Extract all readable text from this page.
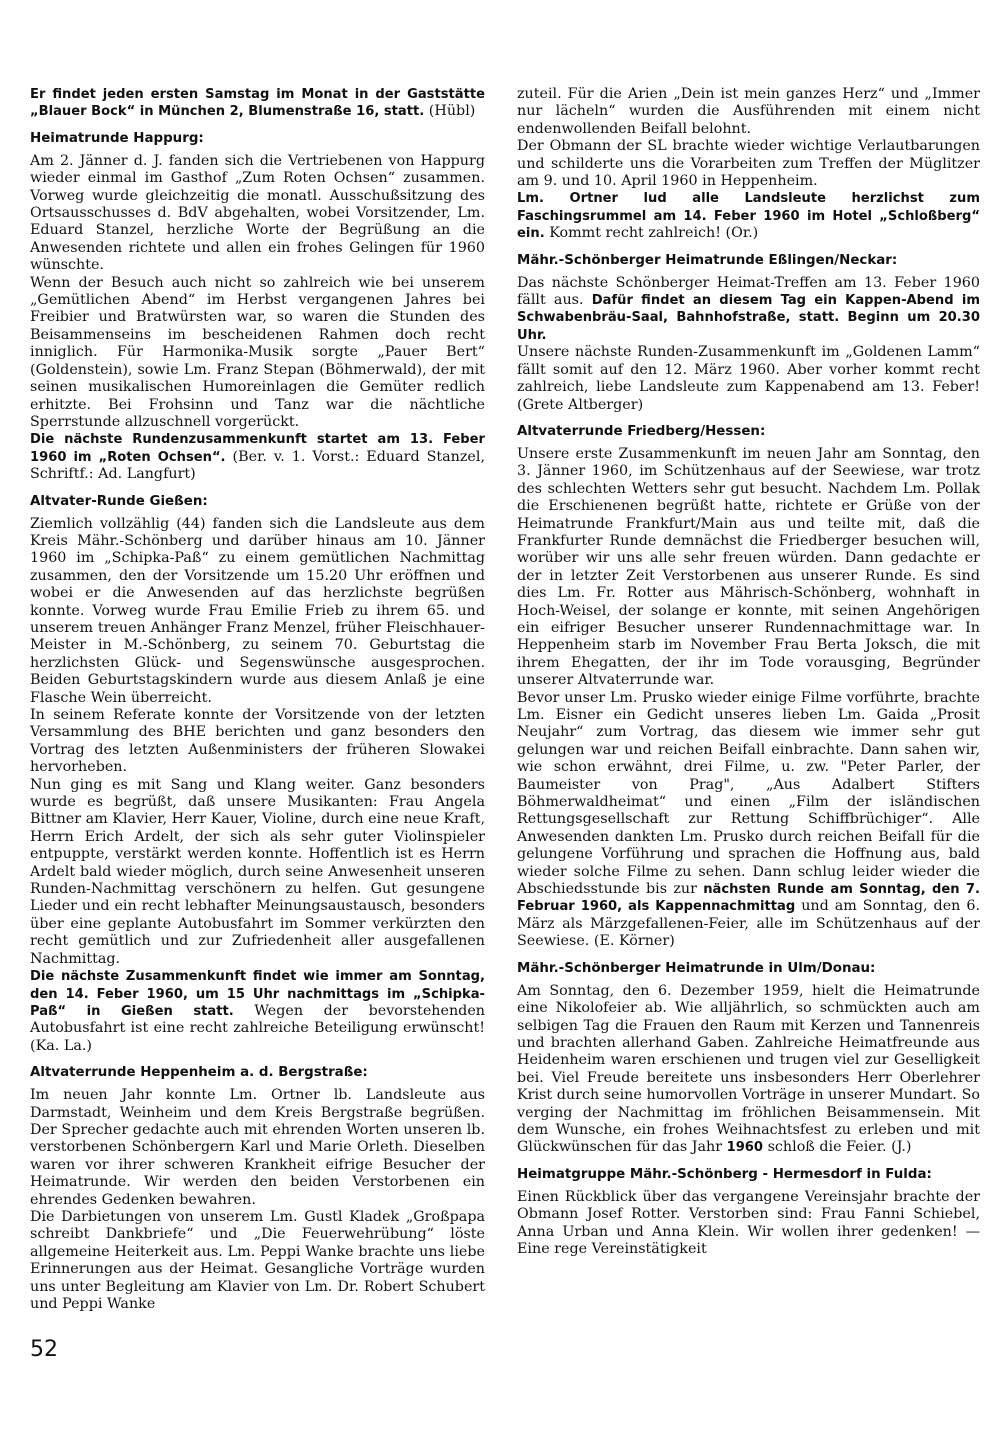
Er findet jeden ersten Samstag im Monat in der Gaststätte „Blauer Bock“ in München 2, Blumenstraße 16, statt. (Hübl)

Heimatrunde Happurg:

Am 2. Jänner d. J. fanden sich die Vertriebenen von Happurg wieder einmal im Gasthof „Zum Roten Ochsen“ zusammen. Vorweg wurde gleichzeitig die monatl. Ausschußsitzung des Ortsausschusses d. BdV abgehalten, wobei Vorsitzender, Lm. Eduard Stanzel, herzliche Worte der Begrüßung an die Anwesenden richtete und allen ein frohes Gelingen für 1960 wünschte.

Wenn der Besuch auch nicht so zahlreich wie bei unserem „Gemütlichen Abend“ im Herbst vergangenen Jahres bei Freibier und Bratwürsten war, so waren die Stunden des Beisammenseins im bescheidenen Rahmen doch recht inniglich. Für Harmonika-Musik sorgte „Pauer Bert“ (Goldenstein), sowie Lm. Franz Stepan (Böhmerwald), der mit seinen musikalischen Humoreinlagen die Gemüter redlich erhitzte. Bei Frohsinn und Tanz war die nächtliche Sperrstunde allzuschnell vorgerückt.

Die nächste Rundenzusammenkunft startet am 13. Feber 1960 im „Roten Ochsen“. (Ber. v. 1. Vorst.: Eduard Stanzel, Schriftf.: Ad. Langfurt)

Altvater-Runde Gießen:

Ziemlich vollzählig (44) fanden sich die Landsleute aus dem Kreis Mähr.-Schönberg und darüber hinaus am 10. Jänner 1960 im „Schipka-Paß“ zu einem gemütlichen Nachmittag zusammen, den der Vorsitzende um 15.20 Uhr eröffnen und wobei er die Anwesenden auf das herzlichste begrüßen konnte. Vorweg wurde Frau Emilie Frieb zu ihrem 65. und unserem treuen Anhänger Franz Menzel, früher Fleischhauer-Meister in M.-Schönberg, zu seinem 70. Geburtstag die herzlichsten Glück- und Segenswünsche ausgesprochen. Beiden Geburtstagskindern wurde aus diesem Anlaß je eine Flasche Wein überreicht.

In seinem Referate konnte der Vorsitzende von der letzten Versammlung des BHE berichten und ganz besonders den Vortrag des letzten Außenministers der früheren Slowakei hervorheben.

Nun ging es mit Sang und Klang weiter. Ganz besonders wurde es begrüßt, daß unsere Musikanten: Frau Angela Bittner am Klavier, Herr Kauer, Violine, durch eine neue Kraft, Herrn Erich Ardelt, der sich als sehr guter Violinspieler entpuppte, verstärkt werden konnte. Hoffentlich ist es Herrn Ardelt bald wieder möglich, durch seine Anwesenheit unseren Runden-Nachmittag verschönern zu helfen. Gut gesungene Lieder und ein recht lebhafter Meinungsaustausch, besonders über eine geplante Autobusfahrt im Sommer verkürzten den recht gemütlich und zur Zufriedenheit aller ausgefallenen Nachmittag.

Die nächste Zusammenkunft findet wie immer am Sonntag, den 14. Feber 1960, um 15 Uhr nachmittags im „Schipka-Paß“ in Gießen statt. Wegen der bevorstehenden Autobusfahrt ist eine recht zahlreiche Beteiligung erwünscht! (Ka. La.)

Altvaterrunde Heppenheim a. d. Bergstraße:

Im neuen Jahr konnte Lm. Ortner lb. Landsleute aus Darmstadt, Weinheim und dem Kreis Bergstraße begrüßen. Der Sprecher gedachte auch mit ehrenden Worten unseren lb. verstorbenen Schönbergern Karl und Marie Orleth. Dieselben waren vor ihrer schweren Krankheit eifrige Besucher der Heimatrunde. Wir werden den beiden Verstorbenen ein ehrendes Gedenken bewahren.

Die Darbietungen von unserem Lm. Gustl Kladek „Großpapa schreibt Dankbriefe“ und „Die Feuerwehrübung“ löste allgemeine Heiterkeit aus. Lm. Peppi Wanke brachte uns liebe Erinnerungen aus der Heimat. Gesangliche Vorträge wurden uns unter Begleitung am Klavier von Lm. Dr. Robert Schubert und Peppi Wanke

zuteil. Für die Arien „Dein ist mein ganzes Herz“ und „Immer nur lächeln“ wurden die Ausführenden mit einem nicht endenwollenden Beifall belohnt.

Der Obmann der SL brachte wieder wichtige Verlautbarungen und schilderte uns die Vorarbeiten zum Treffen der Müglitzer am 9. und 10. April 1960 in Heppenheim.

Lm. Ortner lud alle Landsleute herzlichst zum Faschingsrummel am 14. Feber 1960 im Hotel „Schloßberg“ ein. Kommt recht zahlreich! (Or.)

Mähr.-Schönberger Heimatrunde Eßlingen/Neckar:

Das nächste Schönberger Heimat-Treffen am 13. Feber 1960 fällt aus. Dafür findet an diesem Tag ein Kappen-Abend im Schwabenbräu-Saal, Bahnhofstraße, statt. Beginn um 20.30 Uhr.

Unsere nächste Runden-Zusammenkunft im „Goldenen Lamm“ fällt somit auf den 12. März 1960. Aber vorher kommt recht zahlreich, liebe Landsleute zum Kappenabend am 13. Feber! (Grete Altberger)

Altvaterrunde Friedberg/Hessen:

Unsere erste Zusammenkunft im neuen Jahr am Sonntag, den 3. Jänner 1960, im Schützenhaus auf der Seewiese, war trotz des schlechten Wetters sehr gut besucht. Nachdem Lm. Pollak die Erschienenen begrüßt hatte, richtete er Grüße von der Heimatrunde Frankfurt/Main aus und teilte mit, daß die Frankfurter Runde demnächst die Friedberger besuchen will, worüber wir uns alle sehr freuen würden. Dann gedachte er der in letzter Zeit Verstorbenen aus unserer Runde. Es sind dies Lm. Fr. Rotter aus Mährisch-Schönberg, wohnhaft in Hoch-Weisel, der solange er konnte, mit seinen Angehörigen ein eifriger Besucher unserer Rundennachmittage war. In Heppenheim starb im November Frau Berta Joksch, die mit ihrem Ehegatten, der ihr im Tode vorausging, Begründer unserer Altvaterrunde war.

Bevor unser Lm. Prusko wieder einige Filme vorführte, brachte Lm. Eisner ein Gedicht unseres lieben Lm. Gaida „Prosit Neujahr“ zum Vortrag, das diesem wie immer sehr gut gelungen war und reichen Beifall einbrachte. Dann sahen wir, wie schon erwähnt, drei Filme, u. zw. "Peter Parler, der Baumeister von Prag", „Aus Adalbert Stifters Böhmerwaldheimat“ und einen „Film der isländischen Rettungsgesellschaft zur Rettung Schiffbrüchiger“. Alle Anwesenden dankten Lm. Prusko durch reichen Beifall für die gelungene Vorführung und sprachen die Hoffnung aus, bald wieder solche Filme zu sehen. Dann schlug leider wieder die Abschiedsstunde bis zur nächsten Runde am Sonntag, den 7. Februar 1960, als Kappennachmittag und am Sonntag, den 6. März als Märzgefallenen-Feier, alle im Schützenhaus auf der Seewiese. (E. Körner)

Mähr.-Schönberger Heimatrunde in Ulm/Donau:

Am Sonntag, den 6. Dezember 1959, hielt die Heimatrunde eine Nikolofeier ab. Wie alljährlich, so schmückten auch am selbigen Tag die Frauen den Raum mit Kerzen und Tannenreis und brachten allerhand Gaben. Zahlreiche Heimatfreunde aus Heidenheim waren erschienen und trugen viel zur Geselligkeit bei. Viel Freude bereitete uns insbesonders Herr Oberlehrer Krist durch seine humorvollen Vorträge in unserer Mundart. So verging der Nachmittag im fröhlichen Beisammensein. Mit dem Wunsche, ein frohes Weihnachtsfest zu erleben und mit Glückwünschen für das Jahr 1960 schloß die Feier. (J.)

Heimatgruppe Mähr.-Schönberg - Hermesdorf in Fulda:

Einen Rückblick über das vergangene Vereinsjahr brachte der Obmann Josef Rotter. Verstorben sind: Frau Fanni Schiebel, Anna Urban und Anna Klein. Wir wollen ihrer gedenken! — Eine rege Vereinstätigkeit

52
